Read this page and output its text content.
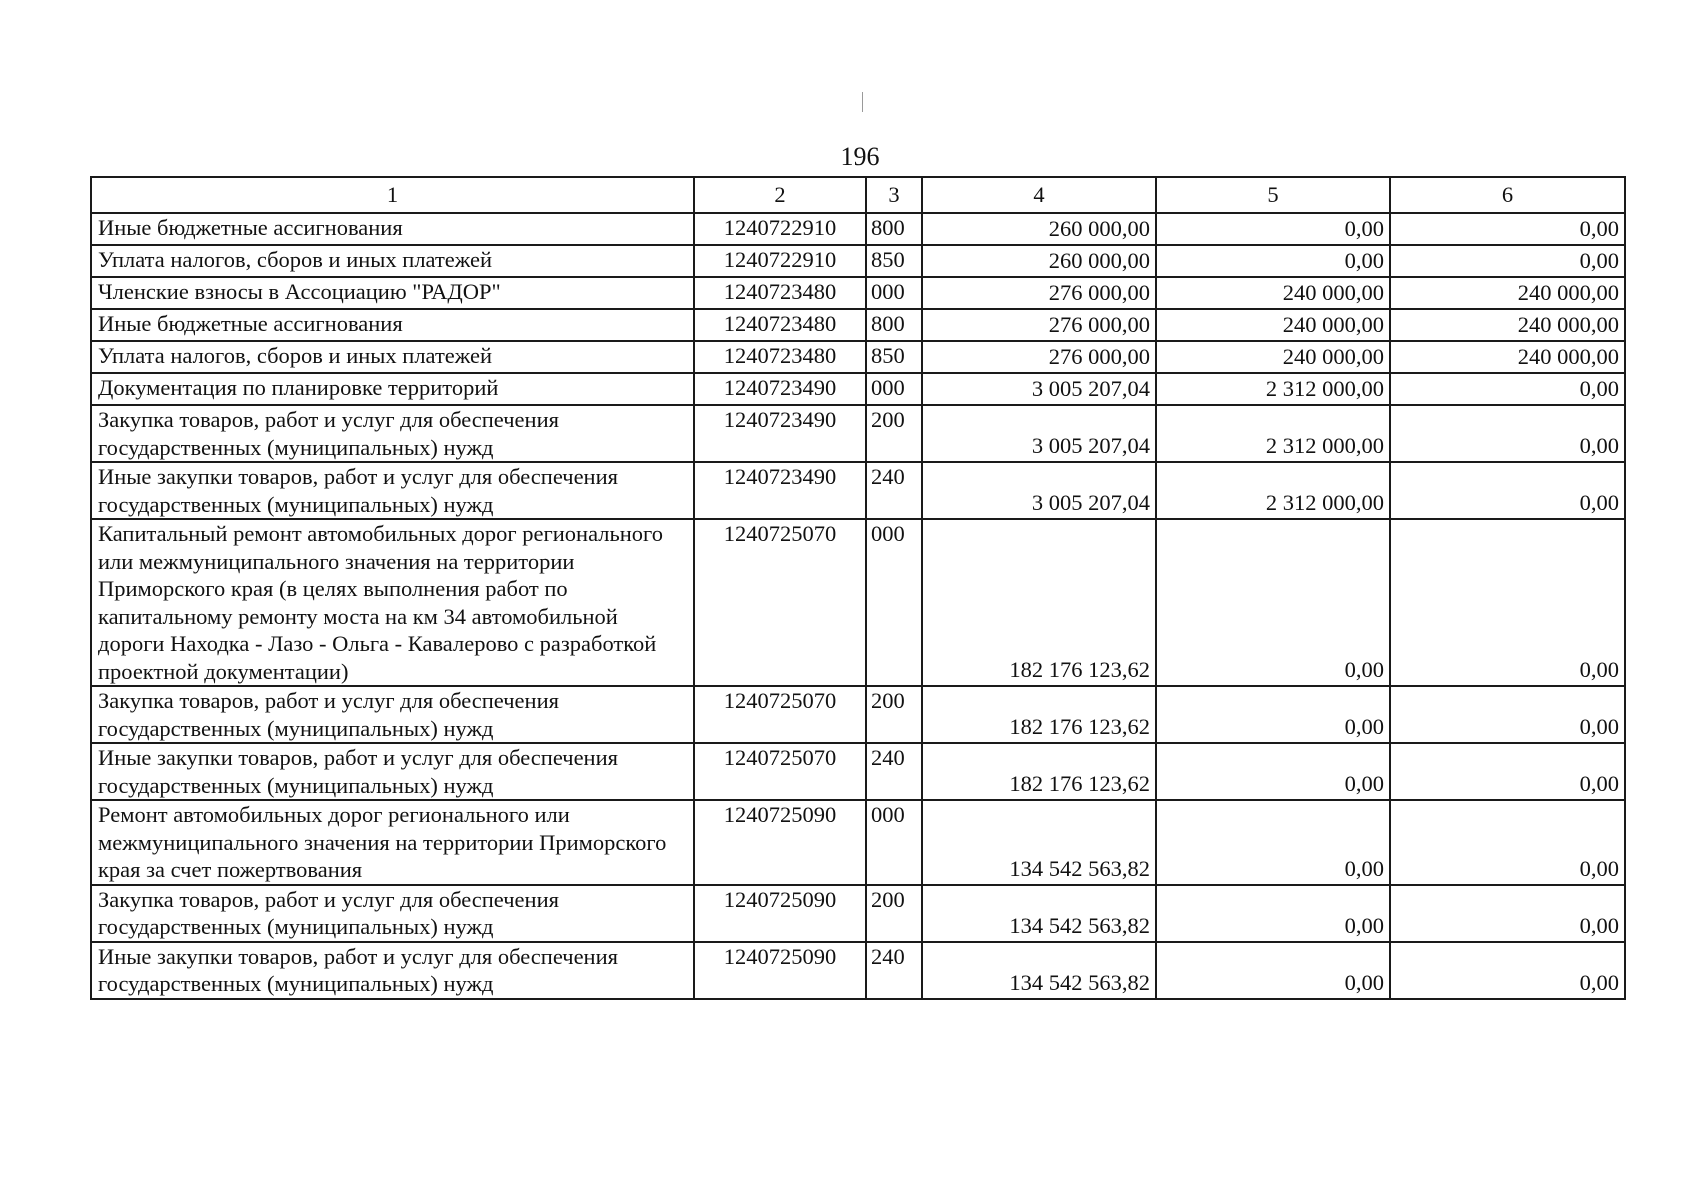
196
1	2	3	4	5	6
Иные бюджетные ассигнования	1240722910	800	260 000,00	0,00	0,00
Уплата налогов, сборов и иных платежей	1240722910	850	260 000,00	0,00	0,00
Членские взносы в Ассоциацию "РАДОР"	1240723480	000	276 000,00	240 000,00	240 000,00
Иные бюджетные ассигнования	1240723480	800	276 000,00	240 000,00	240 000,00
Уплата налогов, сборов и иных платежей	1240723480	850	276 000,00	240 000,00	240 000,00
Документация по планировке территорий	1240723490	000	3 005 207,04	2 312 000,00	0,00
Закупка товаров, работ и услуг для обеспечения государственных (муниципальных) нужд	1240723490	200	3 005 207,04	2 312 000,00	0,00
Иные закупки товаров, работ и услуг для обеспечения государственных (муниципальных) нужд	1240723490	240	3 005 207,04	2 312 000,00	0,00
Капитальный ремонт автомобильных дорог регионального или межмуниципального значения на территории Приморского края (в целях выполнения работ по капитальному ремонту моста на км 34 автомобильной дороги Находка - Лазо - Ольга - Кавалерово с разработкой проектной документации)	1240725070	000	182 176 123,62	0,00	0,00
Закупка товаров, работ и услуг для обеспечения государственных (муниципальных) нужд	1240725070	200	182 176 123,62	0,00	0,00
Иные закупки товаров, работ и услуг для обеспечения государственных (муниципальных) нужд	1240725070	240	182 176 123,62	0,00	0,00
Ремонт автомобильных дорог регионального или межмуниципального значения на территории Приморского края за счет пожертвования	1240725090	000	134 542 563,82	0,00	0,00
Закупка товаров, работ и услуг для обеспечения государственных (муниципальных) нужд	1240725090	200	134 542 563,82	0,00	0,00
Иные закупки товаров, работ и услуг для обеспечения государственных (муниципальных) нужд	1240725090	240	134 542 563,82	0,00	0,00
